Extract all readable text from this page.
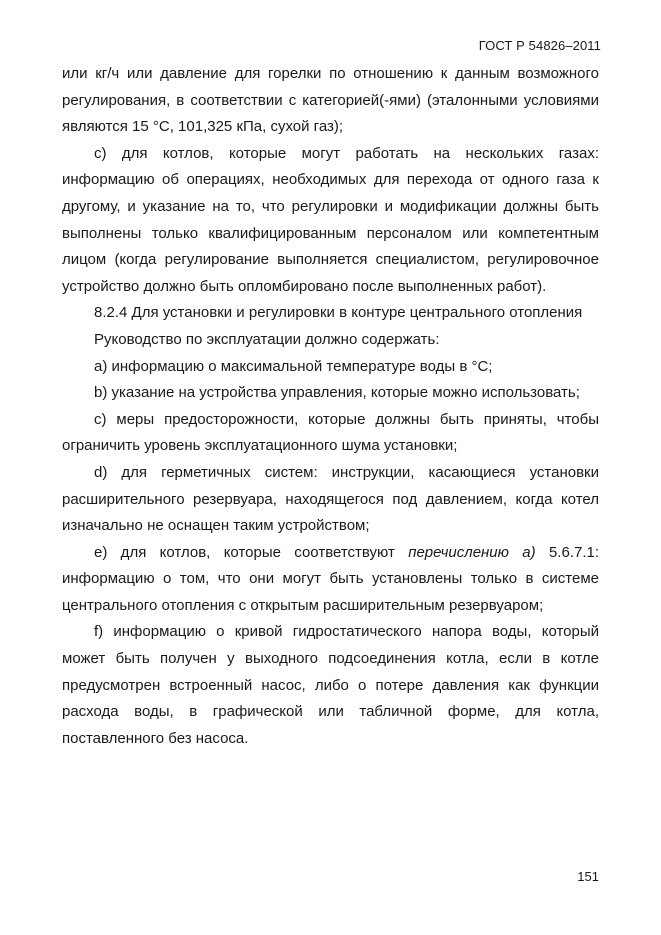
ГОСТ Р 54826–2011

или кг/ч или давление для горелки по отношению к данным возможного регулирования, в соответствии с категорией(-ями) (эталонными условиями являются 15 °С, 101,325 кПа, сухой газ);

c) для котлов, которые могут работать на нескольких газах: информацию об операциях, необходимых для перехода от одного газа к другому, и указание на то, что регулировки и модификации должны быть выполнены только квалифицированным персоналом или компетентным лицом (когда регулирование выполняется специалистом, регулировочное устройство должно быть опломбировано после выполненных работ).

8.2.4 Для установки и регулировки в контуре центрального отопления

Руководство по эксплуатации должно содержать:

a) информацию о максимальной температуре воды в °С;

b) указание на устройства управления, которые можно использовать;

c) меры предосторожности, которые должны быть приняты, чтобы ограничить уровень эксплуатационного шума установки;

d) для герметичных систем: инструкции, касающиеся установки расширительного резервуара, находящегося под давлением, когда котел изначально не оснащен таким устройством;

e) для котлов, которые соответствуют перечислению а) 5.6.7.1: информацию о том, что они могут быть установлены только в системе центрального отопления с открытым расширительным резервуаром;

f) информацию о кривой гидростатического напора воды, который может быть получен у выходного подсоединения котла, если в котле предусмотрен встроенный насос, либо о потере давления как функции расхода воды, в графической или табличной форме, для котла, поставленного без насоса.

151
